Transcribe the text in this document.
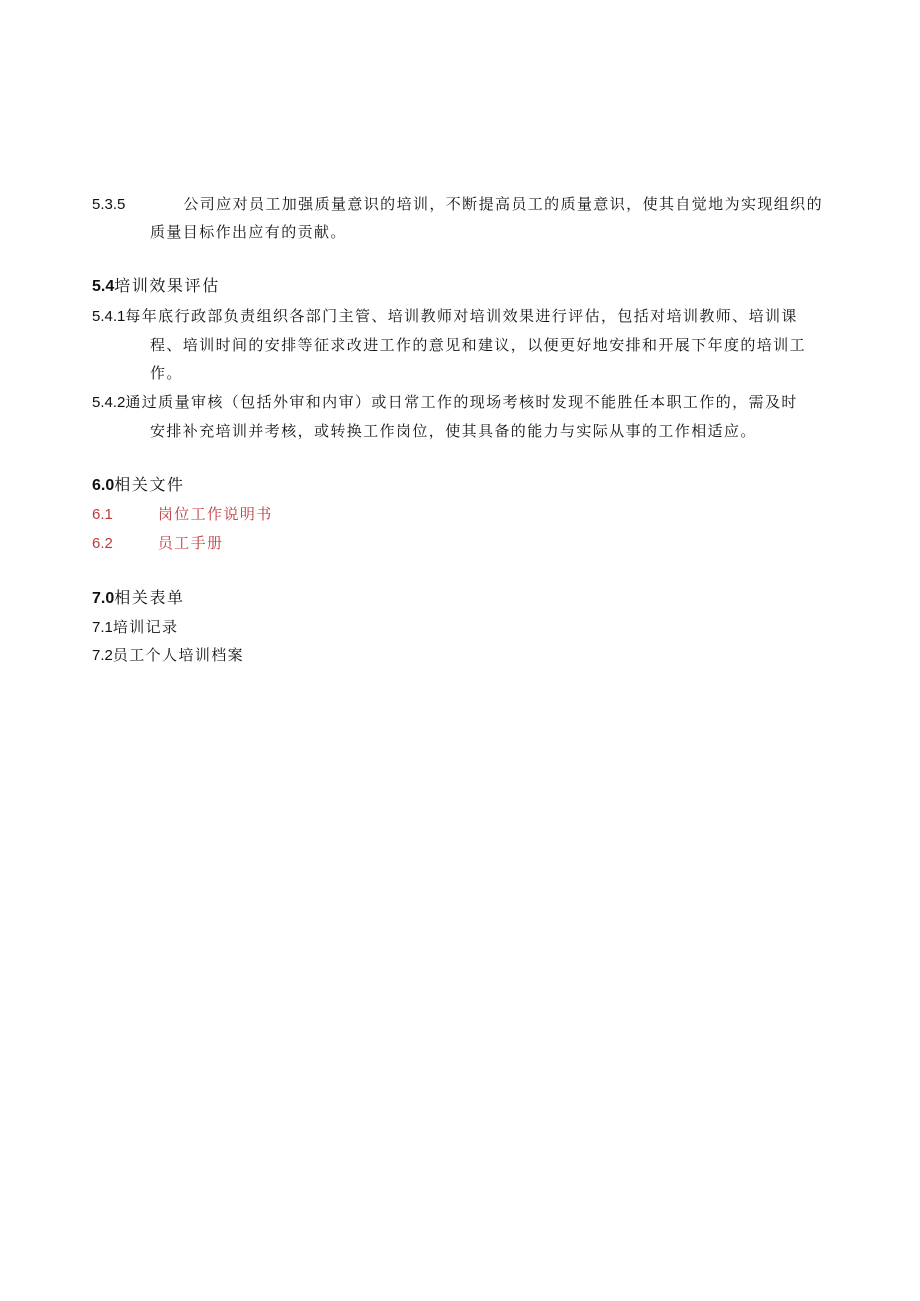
5.3.5	公司应对员工加强质量意识的培训，不断提高员工的质量意识，使其自觉地为实现组织的
质量目标作出应有的贡献。
5.4培训效果评估
5.4.1每年底行政部负责组织各部门主管、培训教师对培训效果进行评估，包括对培训教师、培训课
程、培训时间的安排等征求改进工作的意见和建议，以便更好地安排和开展下年度的培训工
作。
5.4.2通过质量审核（包括外审和内审）或日常工作的现场考核时发现不能胜任本职工作的，需及时
安排补充培训并考核，或转换工作岗位，使其具备的能力与实际从事的工作相适应。
6.0相关文件
6.1	岗位工作说明书
6.2	员工手册
7.0相关表单
7.1培训记录
7.2员工个人培训档案
